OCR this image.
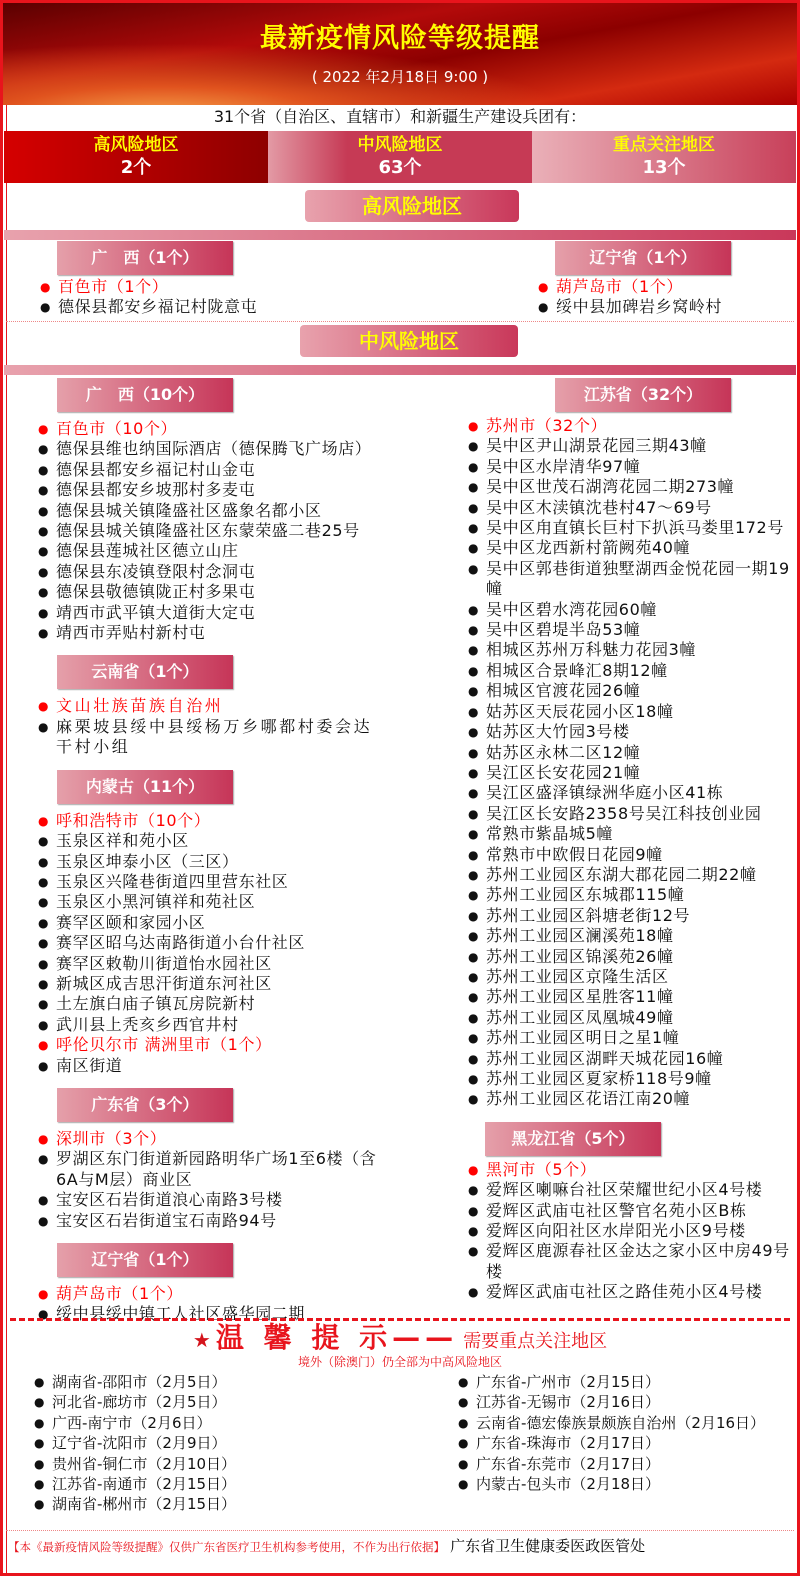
最新疫情风险等级提醒
( 2022 年2月18日 9:00 )
31个省（自治区、直辖市）和新疆生产建设兵团有：
高风险地区
2个
中风险地区
63个
重点关注地区
13个
高风险地区
广　西（1个）
● 百色市（1个）
● 德保县都安乡福记村陇意屯
辽宁省（1个）
● 葫芦岛市（1个）
● 绥中县加碑岩乡窝岭村
中风险地区
广　西（10个）
● 百色市（10个）
● 德保县维也纳国际酒店（德保腾飞广场店）
● 德保县都安乡福记村山金屯
● 德保县都安乡坡那村多麦屯
● 德保县城关镇隆盛社区盛象名都小区
● 德保县城关镇隆盛社区东蒙荣盛二巷25号
● 德保县莲城社区德立山庄
● 德保县东凌镇登限村念洞屯
● 德保县敬德镇陇正村多果屯
● 靖西市武平镇大道街大定屯
● 靖西市弄贴村新村屯
云南省（1个）
● 文山壮族苗族自治州
● 麻栗坡县绥中县绥杨万乡哪都村委会达干村小组
内蒙古（11个）
● 呼和浩特市（10个）
● 玉泉区祥和苑小区
● 玉泉区坤泰小区（三区）
● 玉泉区兴隆巷街道四里营东社区
● 玉泉区小黑河镇祥和苑社区
● 赛罕区颐和家园小区
● 赛罕区昭乌达南路街道小台什社区
● 赛罕区敕勒川街道怡水园社区
● 新城区成吉思汗街道东河社区
● 土左旗白庙子镇瓦房院新村
● 武川县上秃亥乡西官井村
● 呼伦贝尔市 满洲里市（1个）
● 南区街道
广东省（3个）
● 深圳市（3个）
● 罗湖区东门街道新园路明华广场1至6楼（含6A与M层）商业区
● 宝安区石岩街道浪心南路3号楼
● 宝安区石岩街道宝石南路94号
辽宁省（1个）
● 葫芦岛市（1个）
● 绥中县绥中镇工人社区盛华园二期
江苏省（32个）
● 苏州市（32个）
● 吴中区尹山湖景花园三期43幢
● 吴中区水岸清华97幢
● 吴中区世茂石湖湾花园二期273幢
● 吴中区木渎镇沈巷村47～69号
● 吴中区甪直镇长巨村下扒浜马娄里172号
● 吴中区龙西新村箭阙苑40幢
● 吴中区郭巷街道独墅湖西金悦花园一期19幢
● 吴中区碧水湾花园60幢
● 吴中区碧堤半岛53幢
● 相城区苏州万科魅力花园3幢
● 相城区合景峰汇8期12幢
● 相城区官渡花园26幢
● 姑苏区天辰花园小区18幢
● 姑苏区大竹园3号楼
● 姑苏区永林二区12幢
● 吴江区长安花园21幢
● 吴江区盛泽镇绿洲华庭小区41栋
● 吴江区长安路2358号吴江科技创业园
● 常熟市紫晶城5幢
● 常熟市中欧假日花园9幢
● 苏州工业园区东湖大郡花园二期22幢
● 苏州工业园区东城郡115幢
● 苏州工业园区斜塘老街12号
● 苏州工业园区澜溪苑18幢
● 苏州工业园区锦溪苑26幢
● 苏州工业园区京隆生活区
● 苏州工业园区星胜客11幢
● 苏州工业园区凤凰城49幢
● 苏州工业园区明日之星1幢
● 苏州工业园区湖畔天城花园16幢
● 苏州工业园区夏家桥118号9幢
● 苏州工业园区花语江南20幢
黑龙江省（5个）
● 黑河市（5个）
● 爱辉区喇嘛台社区荣耀世纪小区4号楼
● 爱辉区武庙屯社区警官名苑小区B栋
● 爱辉区向阳社区水岸阳光小区9号楼
● 爱辉区鹿源春社区金达之家小区中房49号楼
● 爱辉区武庙屯社区之路佳苑小区4号楼
★ 温 馨 提 示—— 需要重点关注地区
境外（除澳门）仍全部为中高风险地区
● 湖南省-邵阳市（2月5日）
● 河北省-廊坊市（2月5日）
● 广西-南宁市（2月6日）
● 辽宁省-沈阳市（2月9日）
● 贵州省-铜仁市（2月10日）
● 江苏省-南通市（2月15日）
● 湖南省-郴州市（2月15日）
● 广东省-广州市（2月15日）
● 江苏省-无锡市（2月16日）
● 云南省-德宏傣族景颇族自治州（2月16日）
● 广东省-珠海市（2月17日）
● 广东省-东莞市（2月17日）
● 内蒙古-包头市（2月18日）
【本《最新疫情风险等级提醒》仅供广东省医疗卫生机构参考使用，不作为出行依据】 广东省卫生健康委医政医管处
